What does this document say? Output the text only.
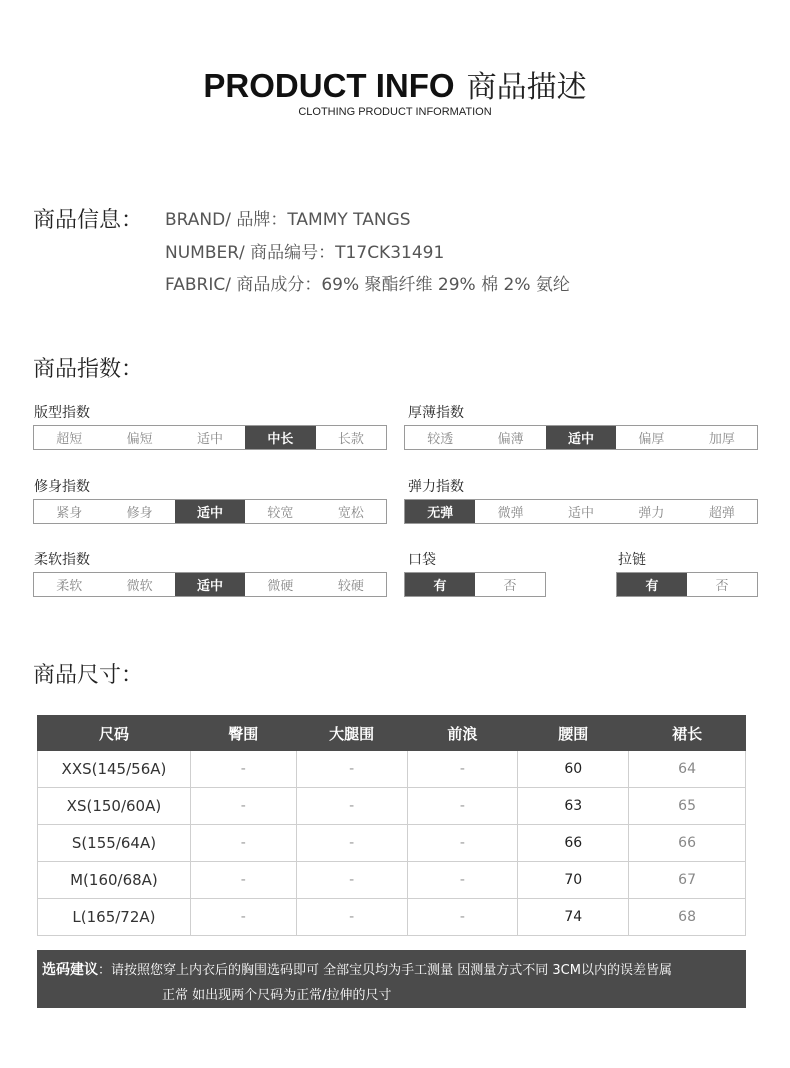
PRODUCT INFO 商品描述
CLOTHING PRODUCT INFORMATION
商品信息： BRAND/ 品牌：TAMMY TANGS
NUMBER/ 商品编号：T17CK31491
FABRIC/ 商品成分：69% 聚酯纤维 29% 棉 2% 氨纶
商品指数：
版型指数
超短	偏短	适中	中长	长款
厚薄指数
较透	偏薄	适中	偏厚	加厚
修身指数
紧身	修身	适中	较宽	宽松
弹力指数
无弹	微弹	适中	弹力	超弹
柔软指数
柔软	微软	适中	微硬	较硬
口袋
有	否
拉链
有	否
商品尺寸：
尺码	臀围	大腿围	前浪	腰围	裙长
XXS(145/56A)	-	-	-	60	64
XS(150/60A)	-	-	-	63	65
S(155/64A)	-	-	-	66	66
M(160/68A)	-	-	-	70	67
L(165/72A)	-	-	-	74	68
选码建议：请按照您穿上内衣后的胸围选码即可 全部宝贝均为手工测量 因测量方式不同 3CM以内的误差皆属
正常 如出现两个尺码为正常/拉伸的尺寸
